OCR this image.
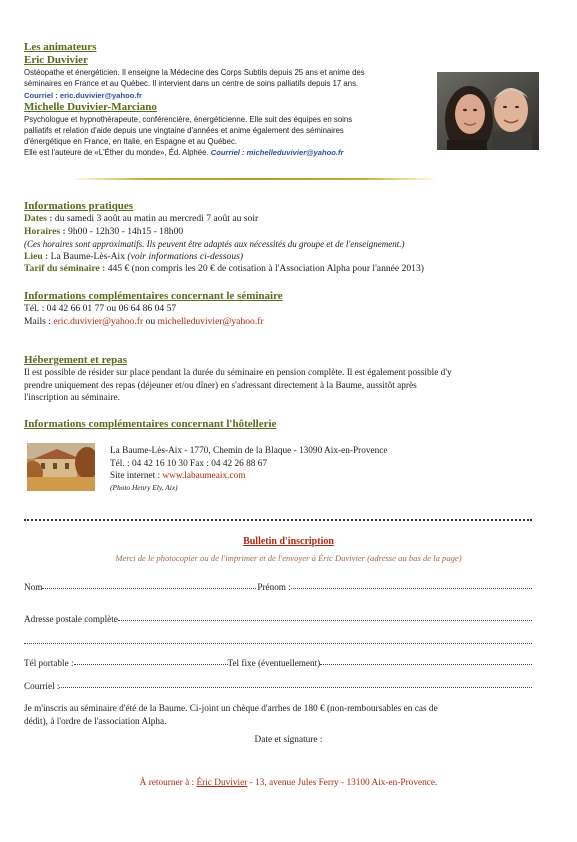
Les animateurs
Eric Duvivier
Ostéopathe et énergéticien. Il enseigne la Médecine des Corps Subtils depuis 25 ans et anime des
séminaires en France et au Québec. Il intervient dans un centre de soins palliatifs depuis 17 ans.
Courriel : eric.duvivier@yahoo.fr
Michelle Duvivier-Marciano
Psychologue et hypnothérapeute, conférencière, énergéticienne. Elle suit des équipes en soins
palliatifs et relation d'aide depuis une vingtaine d'années et anime également des séminaires
d'énergétique en France, en Italie, en Espagne et au Québec.
Elle est l'auteure de «L'Éther du monde», Éd. Alphée. Courriel : michelleduvivier@yahoo.fr
Informations pratiques
Dates : du samedi 3 août au matin au mercredi 7 août au soir
Horaires : 9h00 - 12h30 - 14h15 - 18h00
(Ces horaires sont approximatifs. Ils peuvent être adaptés aux nécessités du groupe et de l'enseignement.)
Lieu : La Baume-Lès-Aix (voir informations ci-dessous)
Tarif du séminaire : 445 € (non compris les 20 € de cotisation à l'Association Alpha pour l'année 2013)
Informations complémentaires concernant le séminaire
Tél. : 04 42 66 01 77 ou 06 64 86 04 57
Mails : eric.duvivier@yahoo.fr ou michelleduvivier@yahoo.fr
Hébergement et repas
Il est possible de résider sur place pendant la durée du séminaire en pension complète. Il est également possible d'y
prendre uniquement des repas (déjeuner et/ou dîner) en s'adressant directement à la Baume, aussitôt après
l'inscription au séminaire.
Informations complémentaires concernant l'hôtellerie
La Baume-Lès-Aix - 1770, Chemin de la Blaque - 13090 Aix-en-Provence
Tél. : 04 42 16 10 30 Fax : 04 42 26 88 67
Site internet : www.labaumeaix.com
(Photo Henry Ely, Aix)
Bulletin d'inscription
Merci de le photocopier ou de l'imprimer et de l'envoyer à Éric Duvivier (adresse au bas de la page)
Nom	Prénom :
Adresse postale complète
Tél portable :	Tel fixe (éventuellement)
Courriel :
Je m'inscris au séminaire d'été de la Baume. Ci-joint un chèque d'arrhes de 180 € (non-remboursables en cas de
dédit), à l'ordre de l'association Alpha.
Date et signature :
À retourner à : Éric Duvivier - 13, avenue Jules Ferry - 13100 Aix-en-Provence.
